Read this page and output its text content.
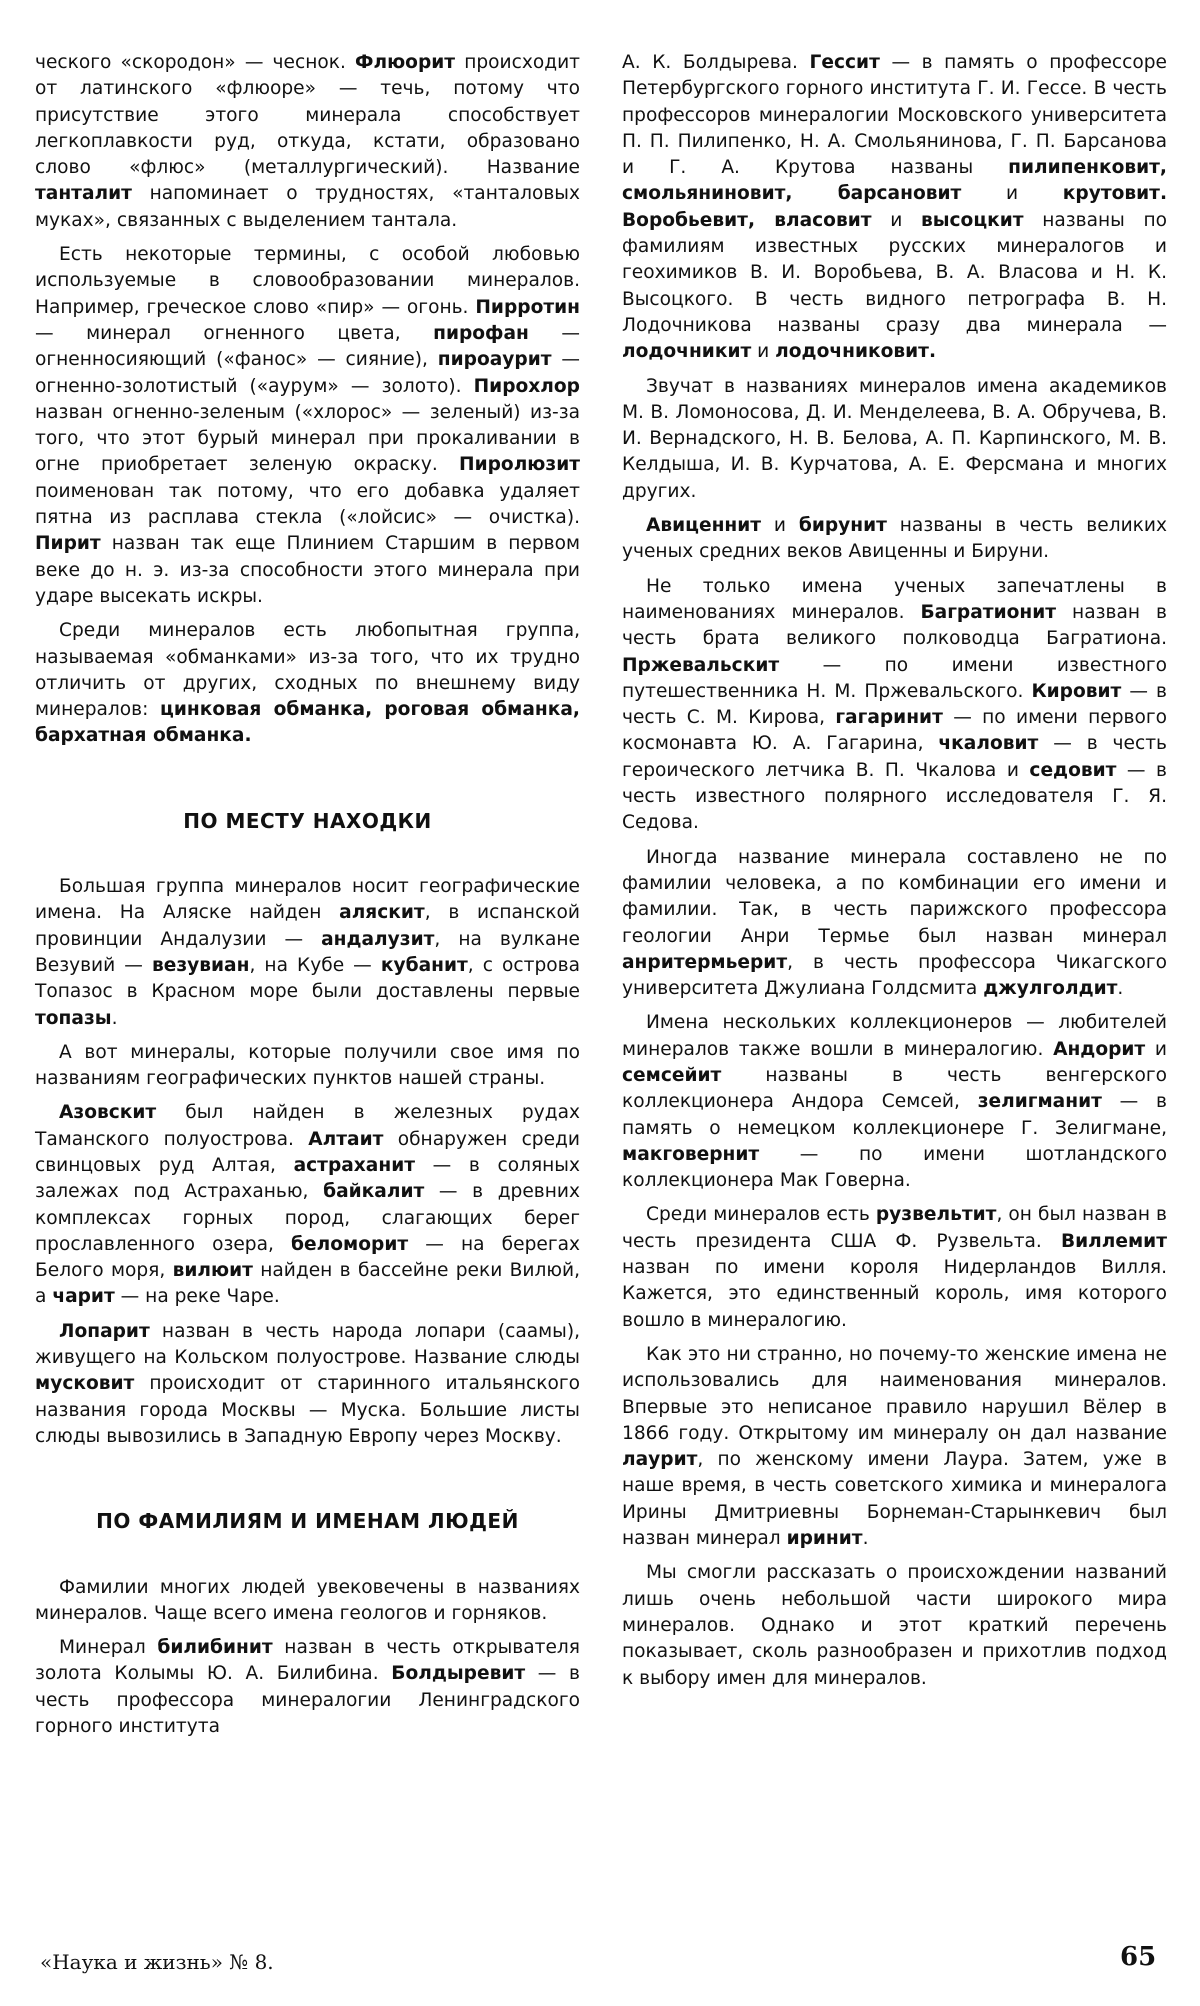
ческого «скородон» — чеснок. Флюорит происходит от латинского «флюоре» — течь, потому что присутствие этого минерала способствует легкоплавкости руд, откуда, кстати, образовано слово «флюс» (металлургический). Название танталит напоминает о трудностях, «танталовых муках», связанных с выделением тантала.

Есть некоторые термины, с особой любовью используемые в словообразовании минералов. Например, греческое слово «пир» — огонь. Пирротин — минерал огненного цвета, пирофан — огненносияющий («фанос» — сияние), пироаурит — огненно-золотистый («аурум» — золото). Пирохлор назван огненно-зеленым («хлорос» — зеленый) из-за того, что этот бурый минерал при прокаливании в огне приобретает зеленую окраску. Пиролюзит поименован так потому, что его добавка удаляет пятна из расплава стекла («лойсис» — очистка). Пирит назван так еще Плинием Старшим в первом веке до н. э. из-за способности этого минерала при ударе высекать искры.

Среди минералов есть любопытная группа, называемая «обманками» из-за того, что их трудно отличить от других, сходных по внешнему виду минералов: цинковая обманка, роговая обманка, бархатная обманка.

ПО МЕСТУ НАХОДКИ

Большая группа минералов носит географические имена. На Аляске найден аляскит, в испанской провинции Андалузии — андалузит, на вулкане Везувий — везувиан, на Кубе — кубанит, с острова Топазос в Красном море были доставлены первые топазы.

А вот минералы, которые получили свое имя по названиям географических пунктов нашей страны.

Азовскит был найден в железных рудах Таманского полуострова. Алтаит обнаружен среди свинцовых руд Алтая, астраханит — в соляных залежах под Астраханью, байкалит — в древних комплексах горных пород, слагающих берег прославленного озера, беломорит — на берегах Белого моря, вилюит найден в бассейне реки Вилюй, а чарит — на реке Чаре.

Лопарит назван в честь народа лопари (саамы), живущего на Кольском полуострове. Название слюды мусковит происходит от старинного итальянского названия города Москвы — Муска. Большие листы слюды вывозились в Западную Европу через Москву.

ПО ФАМИЛИЯМ И ИМЕНАМ ЛЮДЕЙ

Фамилии многих людей увековечены в названиях минералов. Чаще всего имена геологов и горняков.

Минерал билибинит назван в честь открывателя золота Колымы Ю. А. Билибина. Болдыревит — в честь профессора минералогии Ленинградского горного института

А. К. Болдырева. Гессит — в память о профессоре Петербургского горного института Г. И. Гессе. В честь профессоров минералогии Московского университета П. П. Пилипенко, Н. А. Смольянинова, Г. П. Барсанова и Г. А. Крутова названы пилипенковит, смольяниновит, барсановит и крутовит. Воробьевит, власовит и высоцкит названы по фамилиям известных русских минералогов и геохимиков В. И. Воробьева, В. А. Власова и Н. К. Высоцкого. В честь видного петрографа В. Н. Лодочникова названы сразу два минерала — лодочникит и лодочниковит.

Звучат в названиях минералов имена академиков М. В. Ломоносова, Д. И. Менделеева, В. А. Обручева, В. И. Вернадского, Н. В. Белова, А. П. Карпинского, М. В. Келдыша, И. В. Курчатова, А. Е. Ферсмана и многих других.

Авиценнит и бирунит названы в честь великих ученых средних веков Авиценны и Бируни.

Не только имена ученых запечатлены в наименованиях минералов. Багратионит назван в честь брата великого полководца Багратиона. Пржевальскит — по имени известного путешественника Н. М. Пржевальского. Кировит — в честь С. М. Кирова, гагаринит — по имени первого космонавта Ю. А. Гагарина, чкаловит — в честь героического летчика В. П. Чкалова и седовит — в честь известного полярного исследователя Г. Я. Седова.

Иногда название минерала составлено не по фамилии человека, а по комбинации его имени и фамилии. Так, в честь парижского профессора геологии Анри Термье был назван минерал анритермьерит, в честь профессора Чикагского университета Джулиана Голдсмита джулголдит.

Имена нескольких коллекционеров — любителей минералов также вошли в минералогию. Андорит и семсейит названы в честь венгерского коллекционера Андора Семсей, зелигманит — в память о немецком коллекционере Г. Зелигмане, макговернит — по имени шотландского коллекционера Мак Говерна.

Среди минералов есть рузвельтит, он был назван в честь президента США Ф. Рузвельта. Виллемит назван по имени короля Нидерландов Вилля. Кажется, это единственный король, имя которого вошло в минералогию.

Как это ни странно, но почему-то женские имена не использовались для наименования минералов. Впервые это неписаное правило нарушил Вёлер в 1866 году. Открытому им минералу он дал название лаурит, по женскому имени Лаура. Затем, уже в наше время, в честь советского химика и минералога Ирины Дмитриевны Борнеман-Старынкевич был назван минерал иринит.

Мы смогли рассказать о происхождении названий лишь очень небольшой части широкого мира минералов. Однако и этот краткий перечень показывает, сколь разнообразен и прихотлив подход к выбору имен для минералов.

«Наука и жизнь» № 8.	65
